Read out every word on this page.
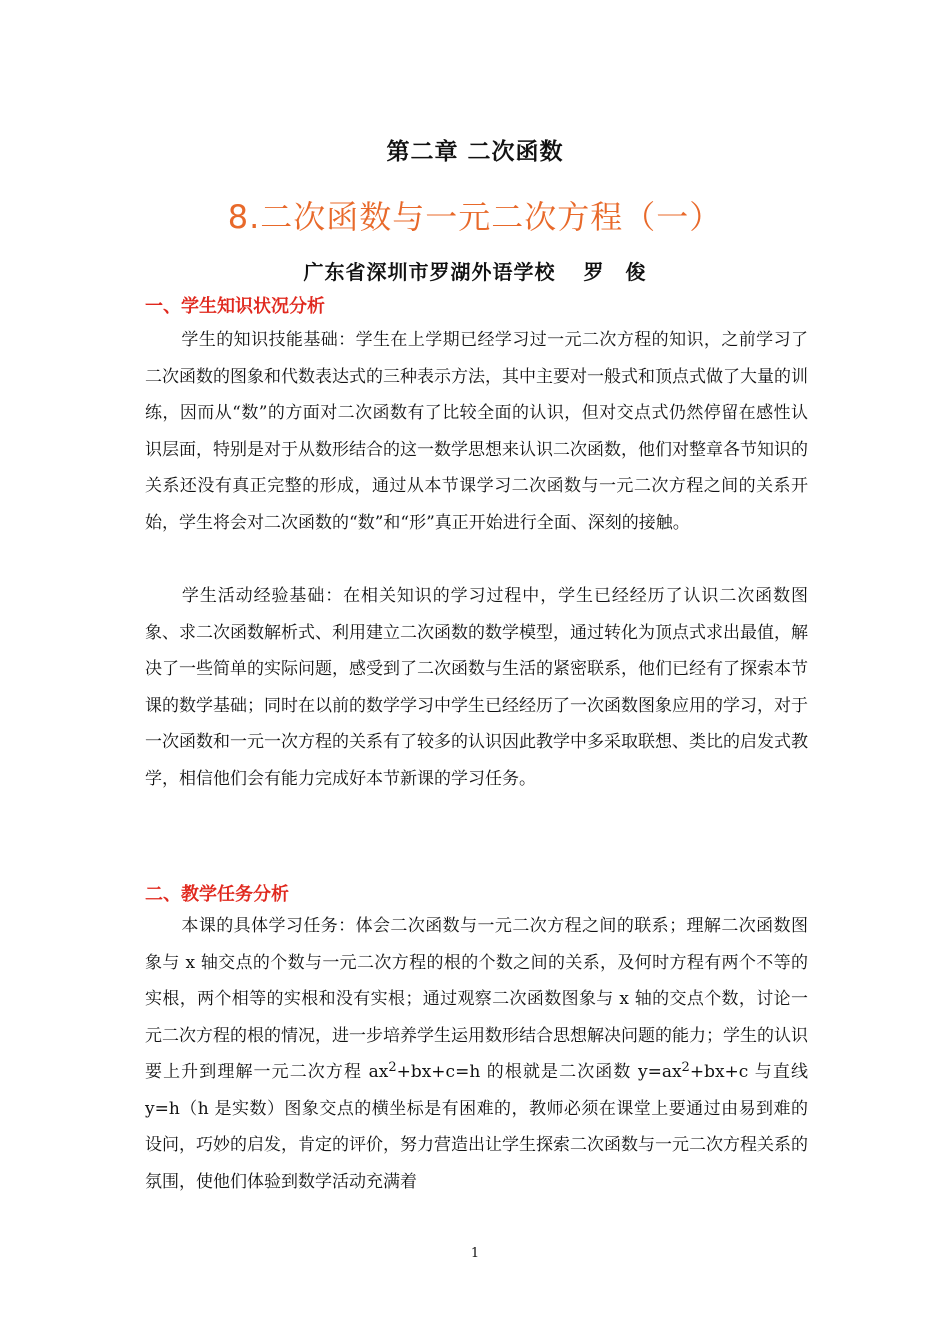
第二章 二次函数
8.二次函数与一元二次方程（一）
广东省深圳市罗湖外语学校 罗　俊
一、学生知识状况分析

学生的知识技能基础：学生在上学期已经学习过一元二次方程的知识，之前学习了二次函数的图象和代数表达式的三种表示方法，其中主要对一般式和顶点式做了大量的训练，因而从“数”的方面对二次函数有了比较全面的认识，但对交点式仍然停留在感性认识层面，特别是对于从数形结合的这一数学思想来认识二次函数，他们对整章各节知识的关系还没有真正完整的形成，通过从本节课学习二次函数与一元二次方程之间的关系开始，学生将会对二次函数的“数”和“形”真正开始进行全面、深刻的接触。

学生活动经验基础：在相关知识的学习过程中，学生已经经历了认识二次函数图象、求二次函数解析式、利用建立二次函数的数学模型，通过转化为顶点式求出最值，解决了一些简单的实际问题，感受到了二次函数与生活的紧密联系，他们已经有了探索本节课的数学基础；同时在以前的数学学习中学生已经经历了一次函数图象应用的学习，对于一次函数和一元一次方程的关系有了较多的认识因此教学中多采取联想、类比的启发式教学，相信他们会有能力完成好本节新课的学习任务。

二、教学任务分析

本课的具体学习任务：体会二次函数与一元二次方程之间的联系；理解二次函数图象与 x 轴交点的个数与一元二次方程的根的个数之间的关系，及何时方程有两个不等的实根，两个相等的实根和没有实根；通过观察二次函数图象与 x 轴的交点个数，讨论一元二次方程的根的情况，进一步培养学生运用数形结合思想解决问题的能力；学生的认识要上升到理解一元二次方程 $ax^2+bx+c=h$ 的根就是二次函数 $y=ax^2+bx+c$ 与直线 y=h（h 是实数）图象交点的横坐标是有困难的，教师必须在课堂上要通过由易到难的设问，巧妙的启发，肯定的评价，努力营造出让学生探索二次函数与一元二次方程关系的氛围，使他们体验到数学活动充满着

1
